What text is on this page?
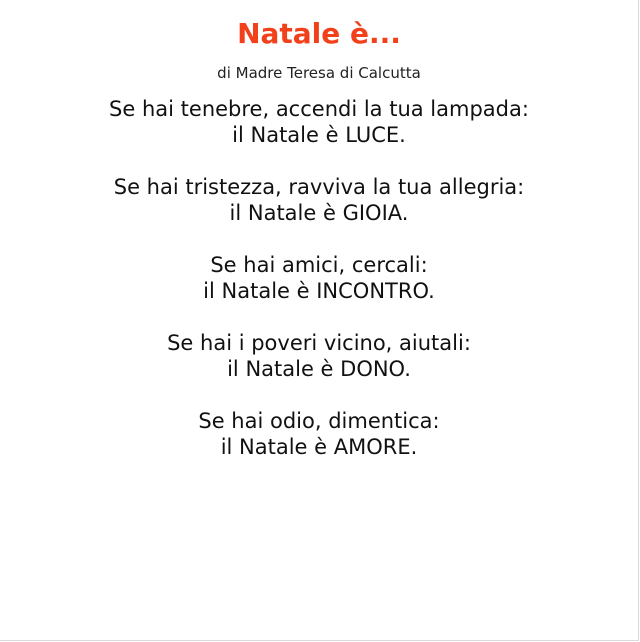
Natale è...

di Madre Teresa di Calcutta

Se hai tenebre, accendi la tua lampada:
il Natale è LUCE.
Se hai tristezza, ravviva la tua allegria:
il Natale è GIOIA.
Se hai amici, cercali:
il Natale è INCONTRO.
Se hai i poveri vicino, aiutali:
il Natale è DONO.
Se hai odio, dimentica:
il Natale è AMORE.
